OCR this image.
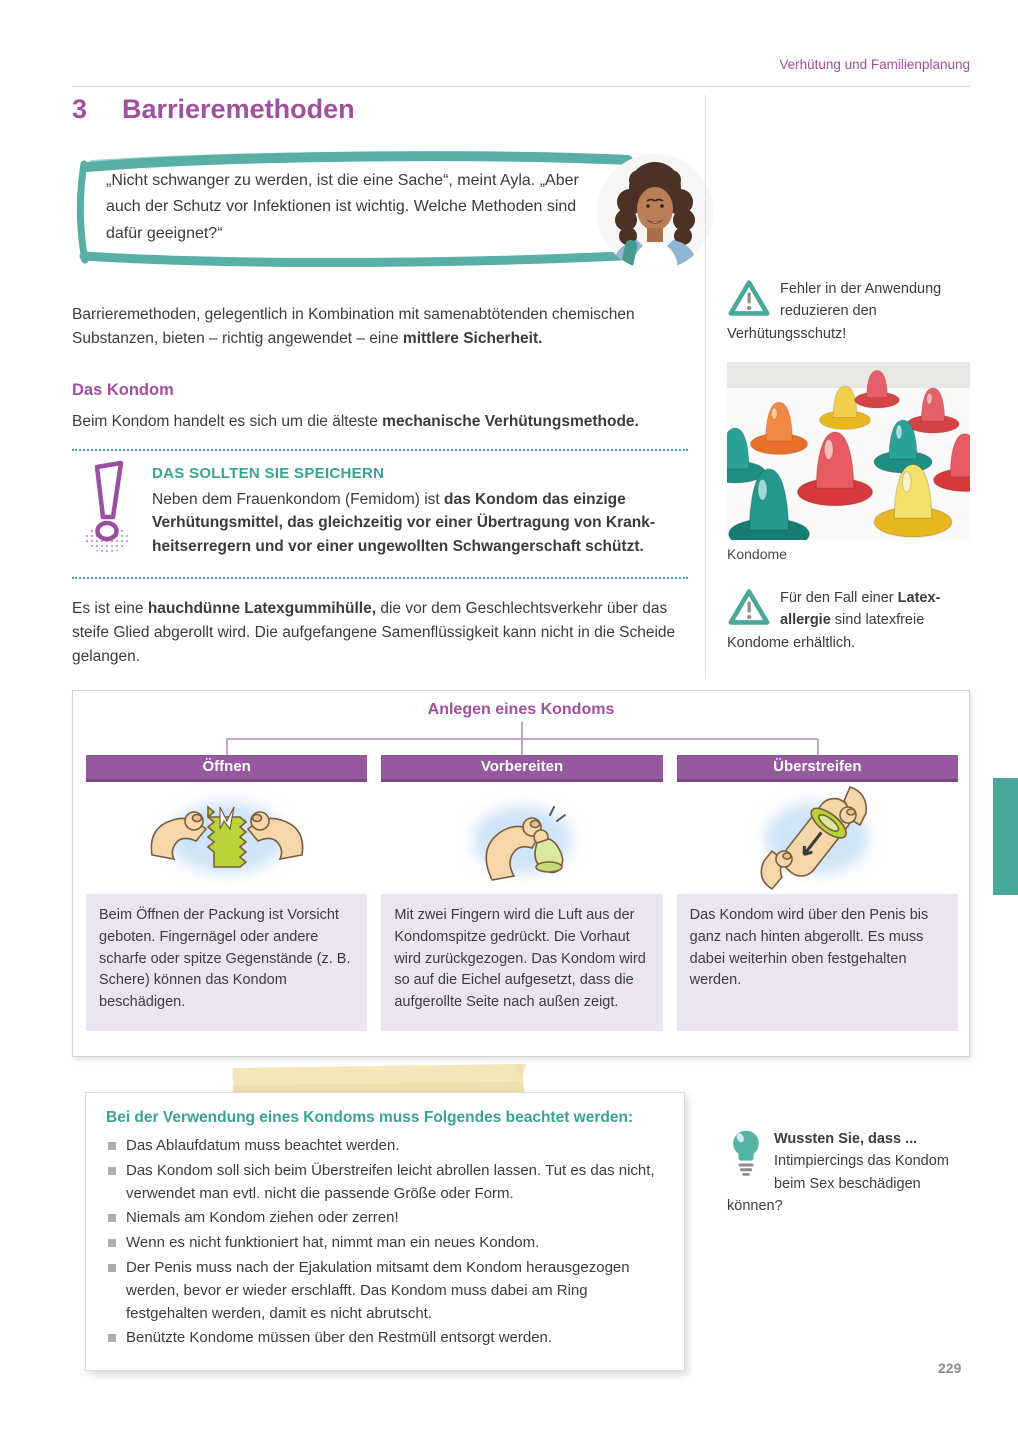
Verhütung und Familienplanung
3 Barrieremethoden

„Nicht schwanger zu werden, ist die eine Sache“, meint Ayla. „Aber auch der Schutz vor Infektionen ist wichtig. Welche Methoden sind dafür geeignet?“

Barrieremethoden, gelegentlich in Kombination mit samenabtötenden chemischen Substanzen, bieten – richtig angewendet – eine mittlere Sicherheit.

Das Kondom

Beim Kondom handelt es sich um die älteste mechanische Verhütungsmethode.

DAS SOLLTEN SIE SPEICHERN

Neben dem Frauenkondom (Femidom) ist das Kondom das einzige Verhütungsmittel, das gleichzeitig vor einer Übertragung von Krankheitserregern und vor einer ungewollten Schwangerschaft schützt.

Es ist eine hauchdünne Latexgummihülle, die vor dem Geschlechtsverkehr über das steife Glied abgerollt wird. Die aufgefangene Samenflüssigkeit kann nicht in die Scheide gelangen.

Fehler in der Anwendung reduzieren den Verhütungsschutz!

Kondome

Für den Fall einer Latexallergie sind latexfreie Kondome erhältlich.

Anlegen eines Kondoms
Öffnen

Beim Öffnen der Packung ist Vorsicht geboten. Fingernägel oder andere scharfe oder spitze Gegenstände (z. B. Schere) können das Kondom beschädigen.

Vorbereiten

Mit zwei Fingern wird die Luft aus der Kondomspitze gedrückt. Die Vorhaut wird zurückgezogen. Das Kondom wird so auf die Eichel aufgesetzt, dass die aufgerollte Seite nach außen zeigt.

Überstreifen

Das Kondom wird über den Penis bis ganz nach hinten abgerollt. Es muss dabei weiterhin oben festgehalten werden.

Bei der Verwendung eines Kondoms muss Folgendes beachtet werden:
Das Ablaufdatum muss beachtet werden.
Das Kondom soll sich beim Überstreifen leicht abrollen lassen. Tut es das nicht, verwendet man evtl. nicht die passende Größe oder Form.
Niemals am Kondom ziehen oder zerren!
Wenn es nicht funktioniert hat, nimmt man ein neues Kondom.
Der Penis muss nach der Ejakulation mitsamt dem Kondom herausgezogen werden, bevor er wieder erschlafft. Das Kondom muss dabei am Ring festgehalten werden, damit es nicht abrutscht.
Benützte Kondome müssen über den Restmüll entsorgt werden.

Wussten Sie, dass ... Intimpiercings das Kondom beim Sex beschädigen können?

229
